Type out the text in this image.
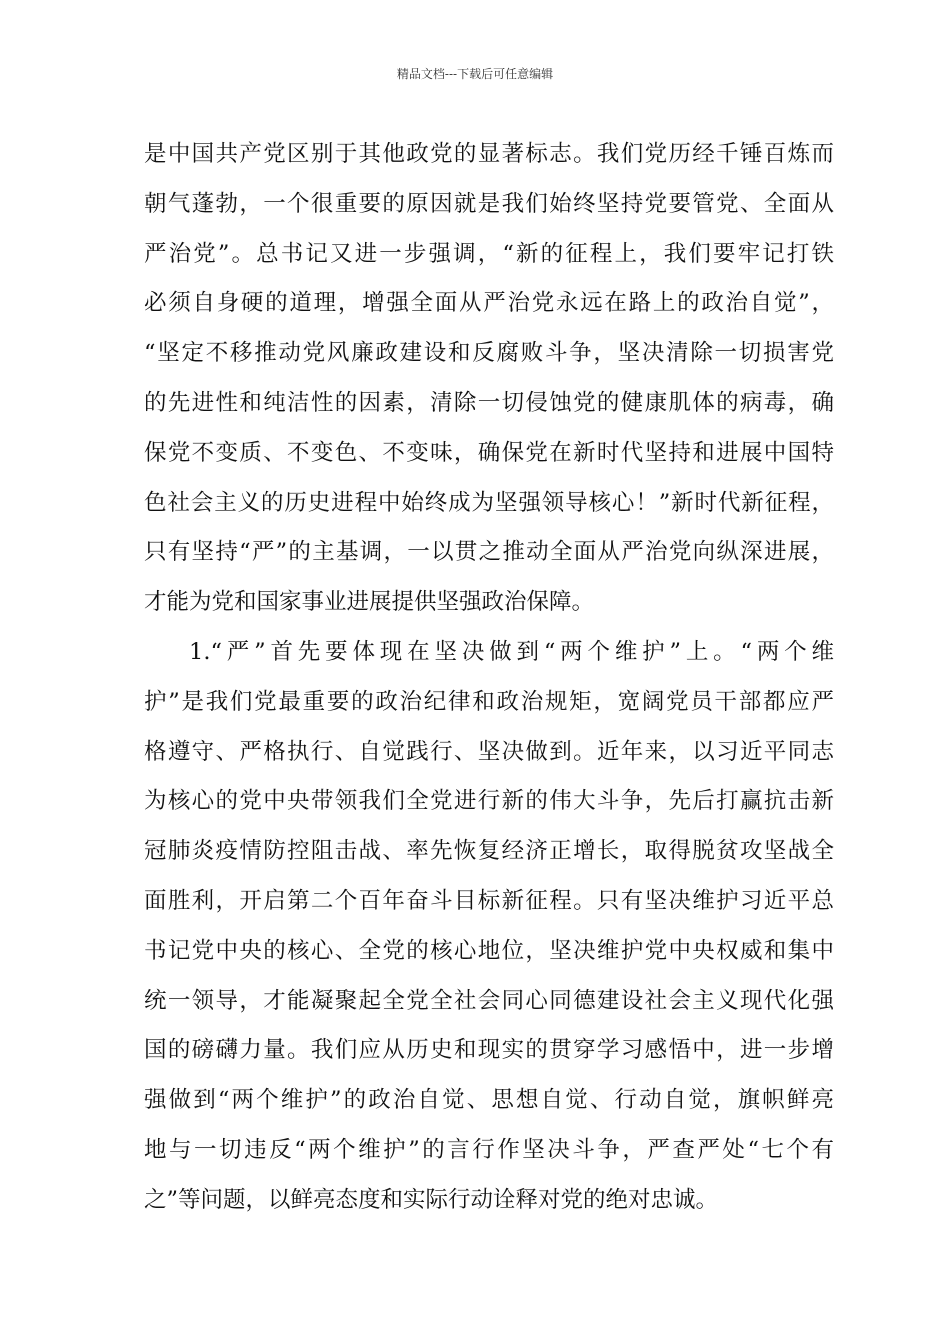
精品文档---下载后可任意编辑
是中国共产党区别于其他政党的显著标志。我们党历经千锤百炼而
朝气蓬勃，一个很重要的原因就是我们始终坚持党要管党、全面从
严治党”。总书记又进一步强调，“新的征程上，我们要牢记打铁
必须自身硬的道理，增强全面从严治党永远在路上的政治自觉”，
“坚定不移推动党风廉政建设和反腐败斗争，坚决清除一切损害党
的先进性和纯洁性的因素，清除一切侵蚀党的健康肌体的病毒，确
保党不变质、不变色、不变味，确保党在新时代坚持和进展中国特
色社会主义的历史进程中始终成为坚强领导核心！”新时代新征程，
只有坚持“严”的主基调，一以贯之推动全面从严治党向纵深进展，
才能为党和国家事业进展提供坚强政治保障。
1.“严”首先要体现在坚决做到“两个维护”上。“两个维
护”是我们党最重要的政治纪律和政治规矩，宽阔党员干部都应严
格遵守、严格执行、自觉践行、坚决做到。近年来，以习近平同志
为核心的党中央带领我们全党进行新的伟大斗争，先后打赢抗击新
冠肺炎疫情防控阻击战、率先恢复经济正增长，取得脱贫攻坚战全
面胜利，开启第二个百年奋斗目标新征程。只有坚决维护习近平总
书记党中央的核心、全党的核心地位，坚决维护党中央权威和集中
统一领导，才能凝聚起全党全社会同心同德建设社会主义现代化强
国的磅礴力量。我们应从历史和现实的贯穿学习感悟中，进一步增
强做到“两个维护”的政治自觉、思想自觉、行动自觉，旗帜鲜亮
地与一切违反“两个维护”的言行作坚决斗争，严查严处“七个有
之”等问题，以鲜亮态度和实际行动诠释对党的绝对忠诚。
